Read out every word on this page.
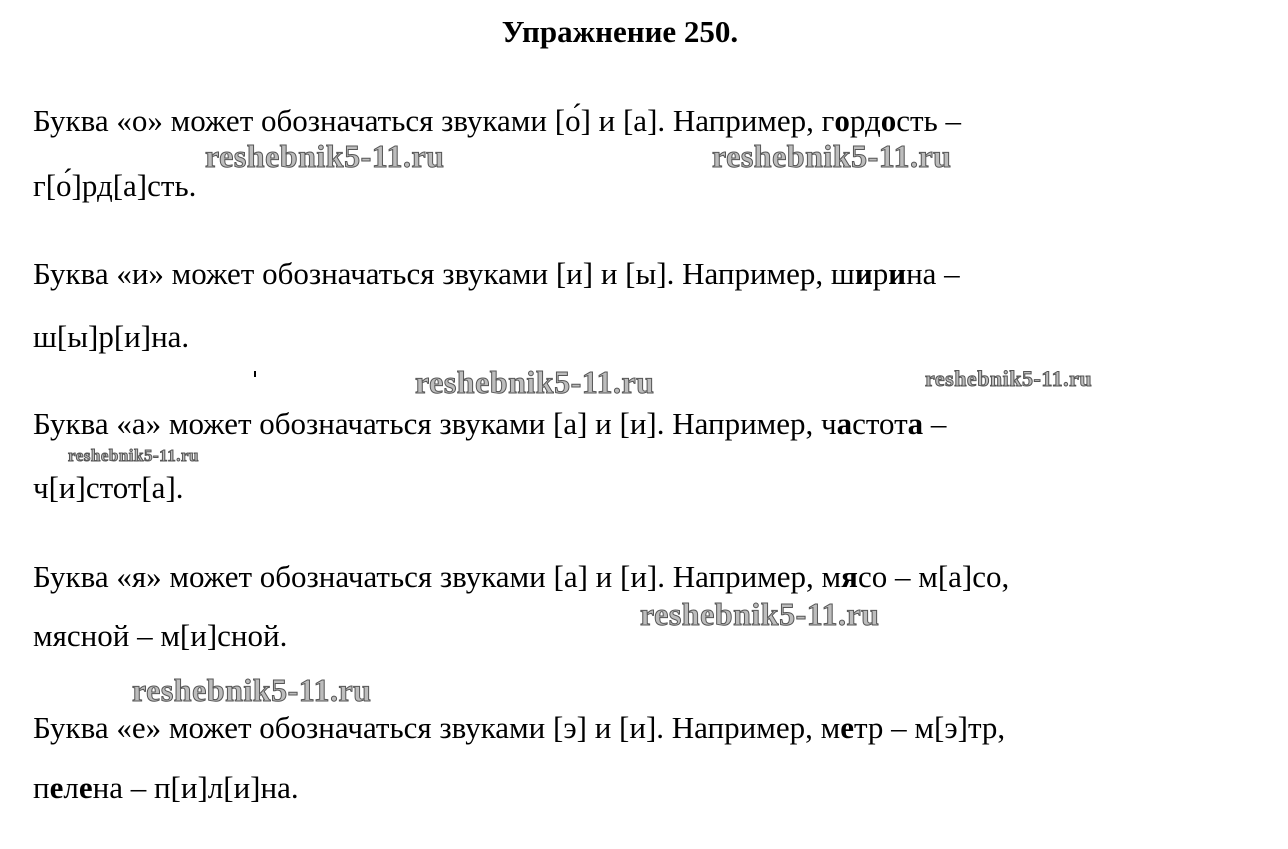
Упражнение 250.
Буква «о» может обозначаться звуками [о́] и [а]. Например, гордость –
г[о́]рд[а]сть.
Буква «и» может обозначаться звуками [и] и [ы]. Например, ширина –
ш[ы]р[и]на.
Буква «а» может обозначаться звуками [а] и [и]. Например, частота –
ч[и]стот[а].
Буква «я» может обозначаться звуками [а] и [и]. Например, мясо – м[а]со,
мясной – м[и]сной.
Буква «е» может обозначаться звуками [э] и [и]. Например, метр – м[э]тр,
пелена – п[и]л[и]на.
reshebnik5-11.ru	reshebnik5-11.ru
reshebnik5-11.ru	reshebnik5-11.ru
reshebnik5-11.ru
reshebnik5-11.ru
reshebnik5-11.ru
